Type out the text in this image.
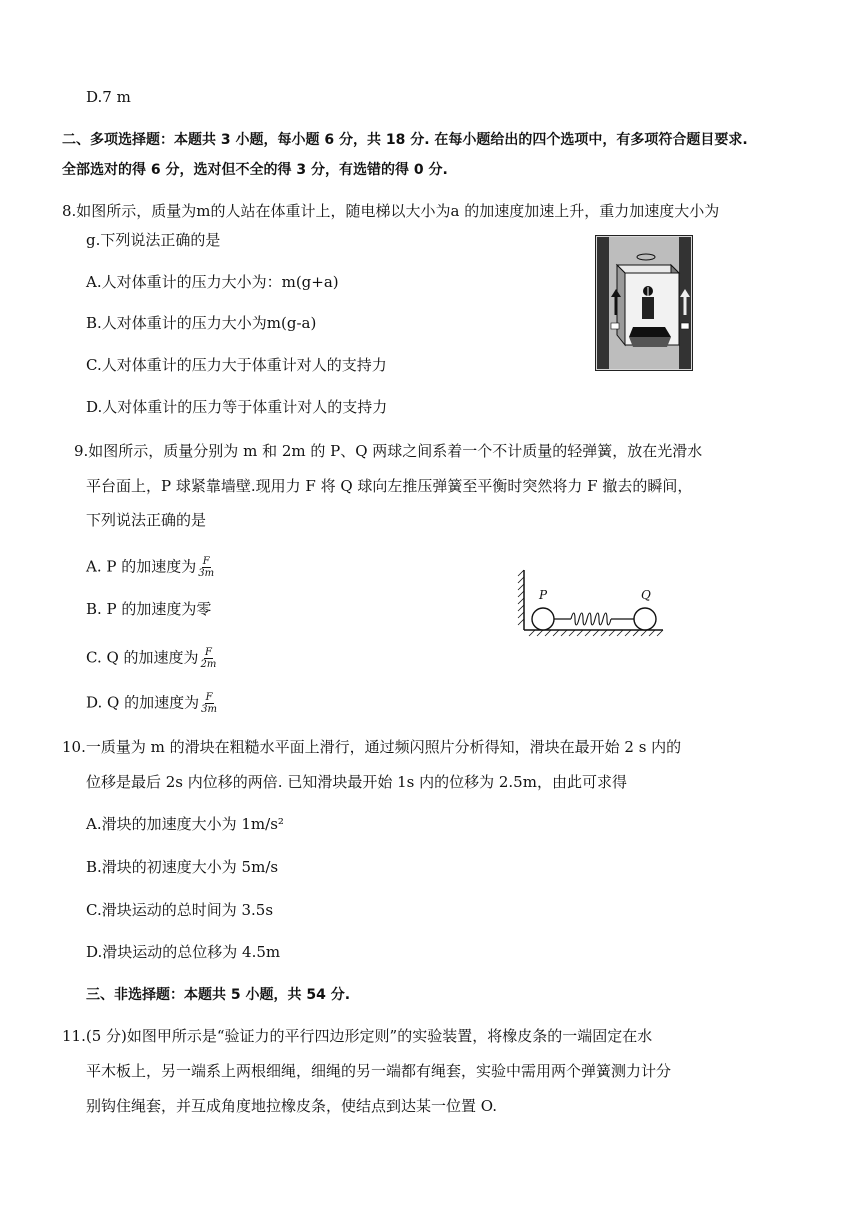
D.7 m
二、多项选择题：本题共 3 小题，每小题 6 分，共 18 分. 在每小题给出的四个选项中，有多项符合题目要求.
全部选对的得 6 分，选对但不全的得 3 分，有选错的得 0 分.
8.如图所示，质量为m的人站在体重计上，随电梯以大小为a 的加速度加速上升，重力加速度大小为
g.下列说法正确的是
A.人对体重计的压力大小为：m(g+a)
B.人对体重计的压力大小为m(g-a)
C.人对体重计的压力大于体重计对人的支持力
D.人对体重计的压力等于体重计对人的支持力
9.如图所示，质量分别为 m 和 2m 的 P、Q 两球之间系着一个不计质量的轻弹簧，放在光滑水
平台面上，P 球紧靠墙壁.现用力 F 将 Q 球向左推压弹簧至平衡时突然将力 F 撤去的瞬间，
下列说法正确的是
A. P 的加速度为 $\frac{F}{3m}$
B. P 的加速度为零
C. Q 的加速度为 $\frac{F}{2m}$
D. Q 的加速度为 $\frac{F}{3m}$
P	Q
10.一质量为 m 的滑块在粗糙水平面上滑行，通过频闪照片分析得知，滑块在最开始 2 s 内的
位移是最后 2s 内位移的两倍. 已知滑块最开始 1s 内的位移为 2.5m，由此可求得
A.滑块的加速度大小为 1m/s²
B.滑块的初速度大小为 5m/s
C.滑块运动的总时间为 3.5s
D.滑块运动的总位移为 4.5m
三、非选择题：本题共 5 小题，共 54 分.
11.(5 分)如图甲所示是“验证力的平行四边形定则”的实验装置，将橡皮条的一端固定在水
平木板上，另一端系上两根细绳，细绳的另一端都有绳套，实验中需用两个弹簧测力计分
别钩住绳套，并互成角度地拉橡皮条，使结点到达某一位置 O.
